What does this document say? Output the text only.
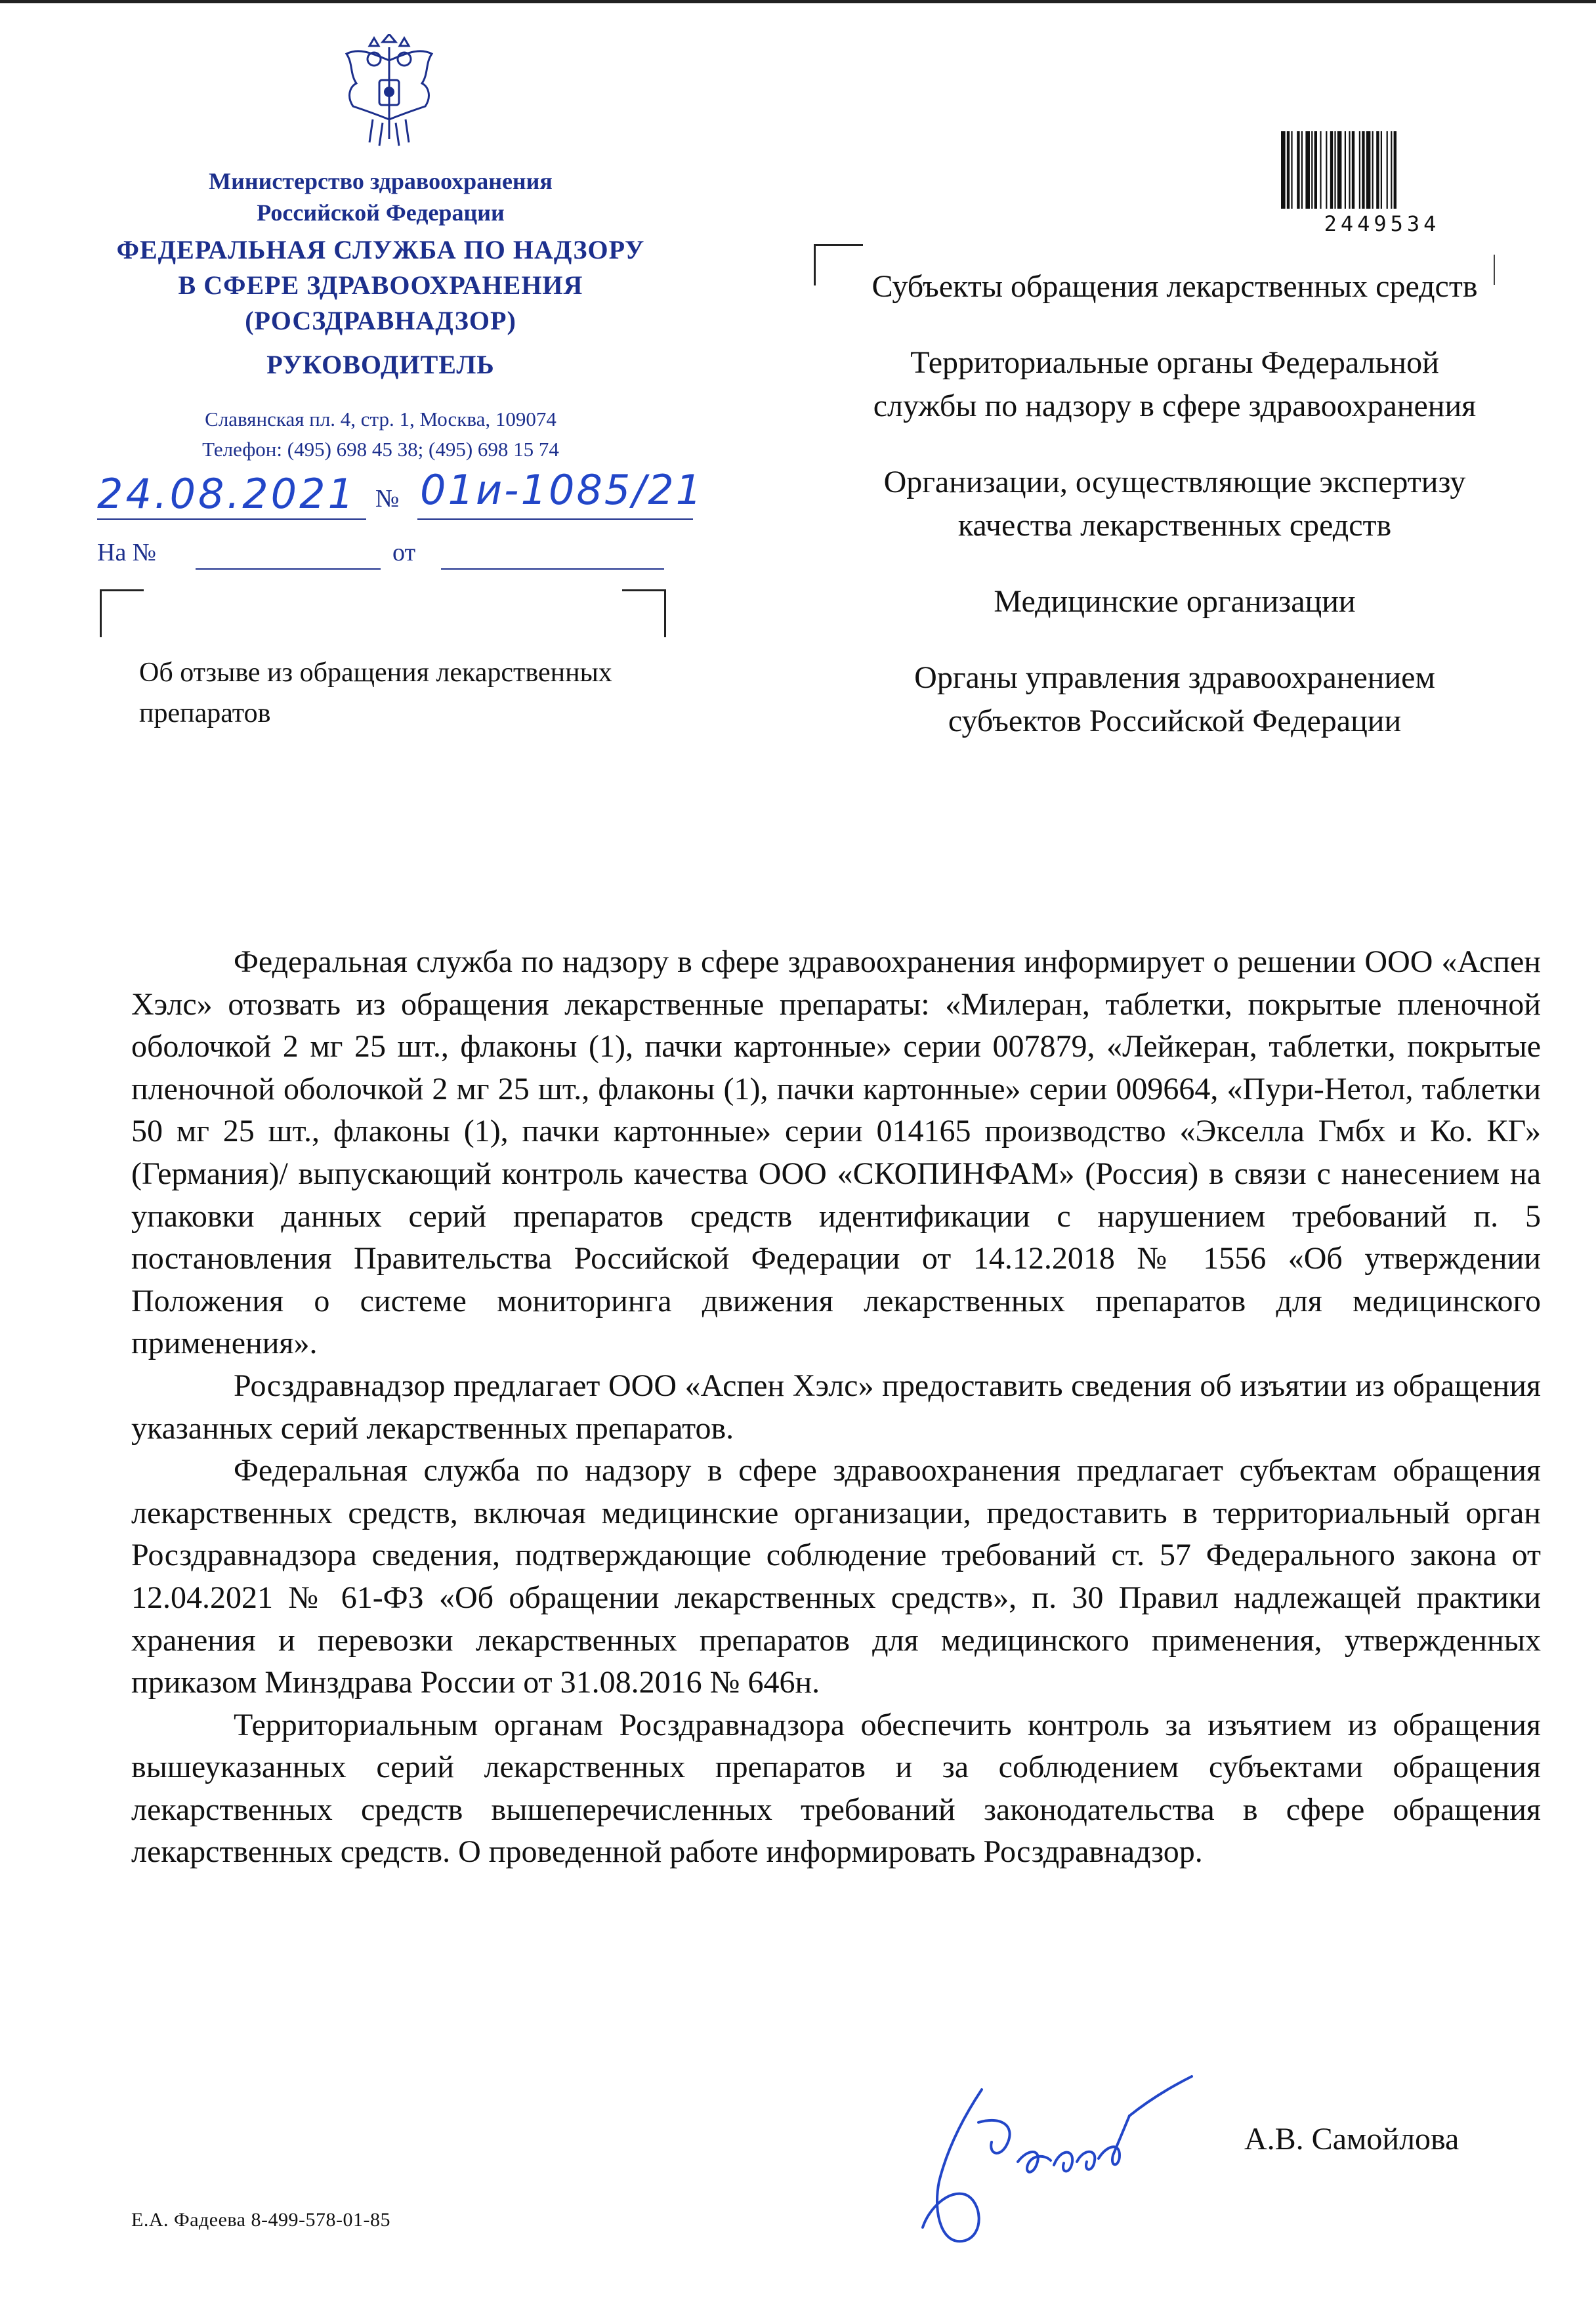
Министерство здравоохранения
Российской Федерации
ФЕДЕРАЛЬНАЯ СЛУЖБА ПО НАДЗОРУ
В СФЕРЕ ЗДРАВООХРАНЕНИЯ
(РОСЗДРАВНАДЗОР)
РУКОВОДИТЕЛЬ
Славянская пл. 4, стр. 1, Москва, 109074
Телефон: (495) 698 45 38; (495) 698 15 74
24.08.2021 № 01и-1085/21
На №	от
Об отзыве из обращения лекарственных препаратов
2449534
Субъекты обращения лекарственных средств
Территориальные органы Федеральной службы по надзору в сфере здравоохранения
Организации, осуществляющие экспертизу качества лекарственных средств
Медицинские организации
Органы управления здравоохранением субъектов Российской Федерации

Федеральная служба по надзору в сфере здравоохранения информирует о решении ООО «Аспен Хэлс» отозвать из обращения лекарственные препараты: «Милеран, таблетки, покрытые пленочной оболочкой 2 мг 25 шт., флаконы (1), пачки картонные» серии 007879, «Лейкеран, таблетки, покрытые пленочной оболочкой 2 мг 25 шт., флаконы (1), пачки картонные» серии 009664, «Пури-Нетол, таблетки 50 мг 25 шт., флаконы (1), пачки картонные» серии 014165 производство «Экселла Гмбх и Ко. КГ» (Германия)/ выпускающий контроль качества ООО «СКОПИНФАМ» (Россия) в связи с нанесением на упаковки данных серий препаратов средств идентификации с нарушением требований п. 5 постановления Правительства Российской Федерации от 14.12.2018 № 1556 «Об утверждении Положения о системе мониторинга движения лекарственных препаратов для медицинского применения».

Росздравнадзор предлагает ООО «Аспен Хэлс» предоставить сведения об изъятии из обращения указанных серий лекарственных препаратов.

Федеральная служба по надзору в сфере здравоохранения предлагает субъектам обращения лекарственных средств, включая медицинские организации, предоставить в территориальный орган Росздравнадзора сведения, подтверждающие соблюдение требований ст. 57 Федерального закона от 12.04.2021 № 61-ФЗ «Об обращении лекарственных средств», п. 30 Правил надлежащей практики хранения и перевозки лекарственных препаратов для медицинского применения, утвержденных приказом Минздрава России от 31.08.2016 № 646н.

Территориальным органам Росздравнадзора обеспечить контроль за изъятием из обращения вышеуказанных серий лекарственных препаратов и за соблюдением субъектами обращения лекарственных средств вышеперечисленных требований законодательства в сфере обращения лекарственных средств. О проведенной работе информировать Росздравнадзор.

А.В. Самойлова
Е.А. Фадеева 8-499-578-01-85
